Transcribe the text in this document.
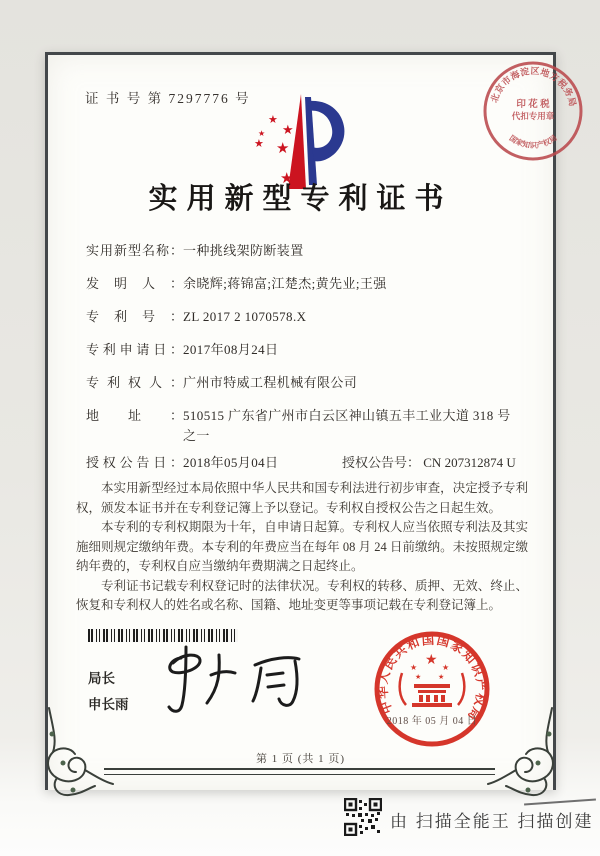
证 书 号 第 7297776 号
★
★
★
★ ★
★
实用新型专利证书
实用新型名称： 一种挑线架防断装置
发明人： 余晓辉;蒋锦富;江楚杰;黄先业;王强
专利号： ZL 2017 2 1070578.X
专利申请日： 2017年08月24日
专利权人： 广州市特威工程机械有限公司
地址： 510515 广东省广州市白云区神山镇五丰工业大道 318 号之一
授权公告日： 2018年05月04日	授权公告号： CN 207312874 U

本实用新型经过本局依照中华人民共和国专利法进行初步审查，决定授予专利权，颁发本证书并在专利登记簿上予以登记。专利权自授权公告之日起生效。

本专利的专利权期限为十年，自申请日起算。专利权人应当依照专利法及其实施细则规定缴纳年费。本专利的年费应当在每年 08 月 24 日前缴纳。未按照规定缴纳年费的，专利权自应当缴纳年费期满之日起终止。

专利证书记载专利权登记时的法律状况。专利权的转移、质押、无效、终止、恢复和专利权人的姓名或名称、国籍、地址变更等事项记载在专利登记簿上。

局长
申长雨
第 1 页 (共 1 页)
中华人民共和国国家知识产权局
★
★	★
★ ★
2018 年 05 月 04 日
北京市海淀区地方税务局
国家知识产权局
印 花 税
代扣专用章
由 扫描全能王 扫描创建
